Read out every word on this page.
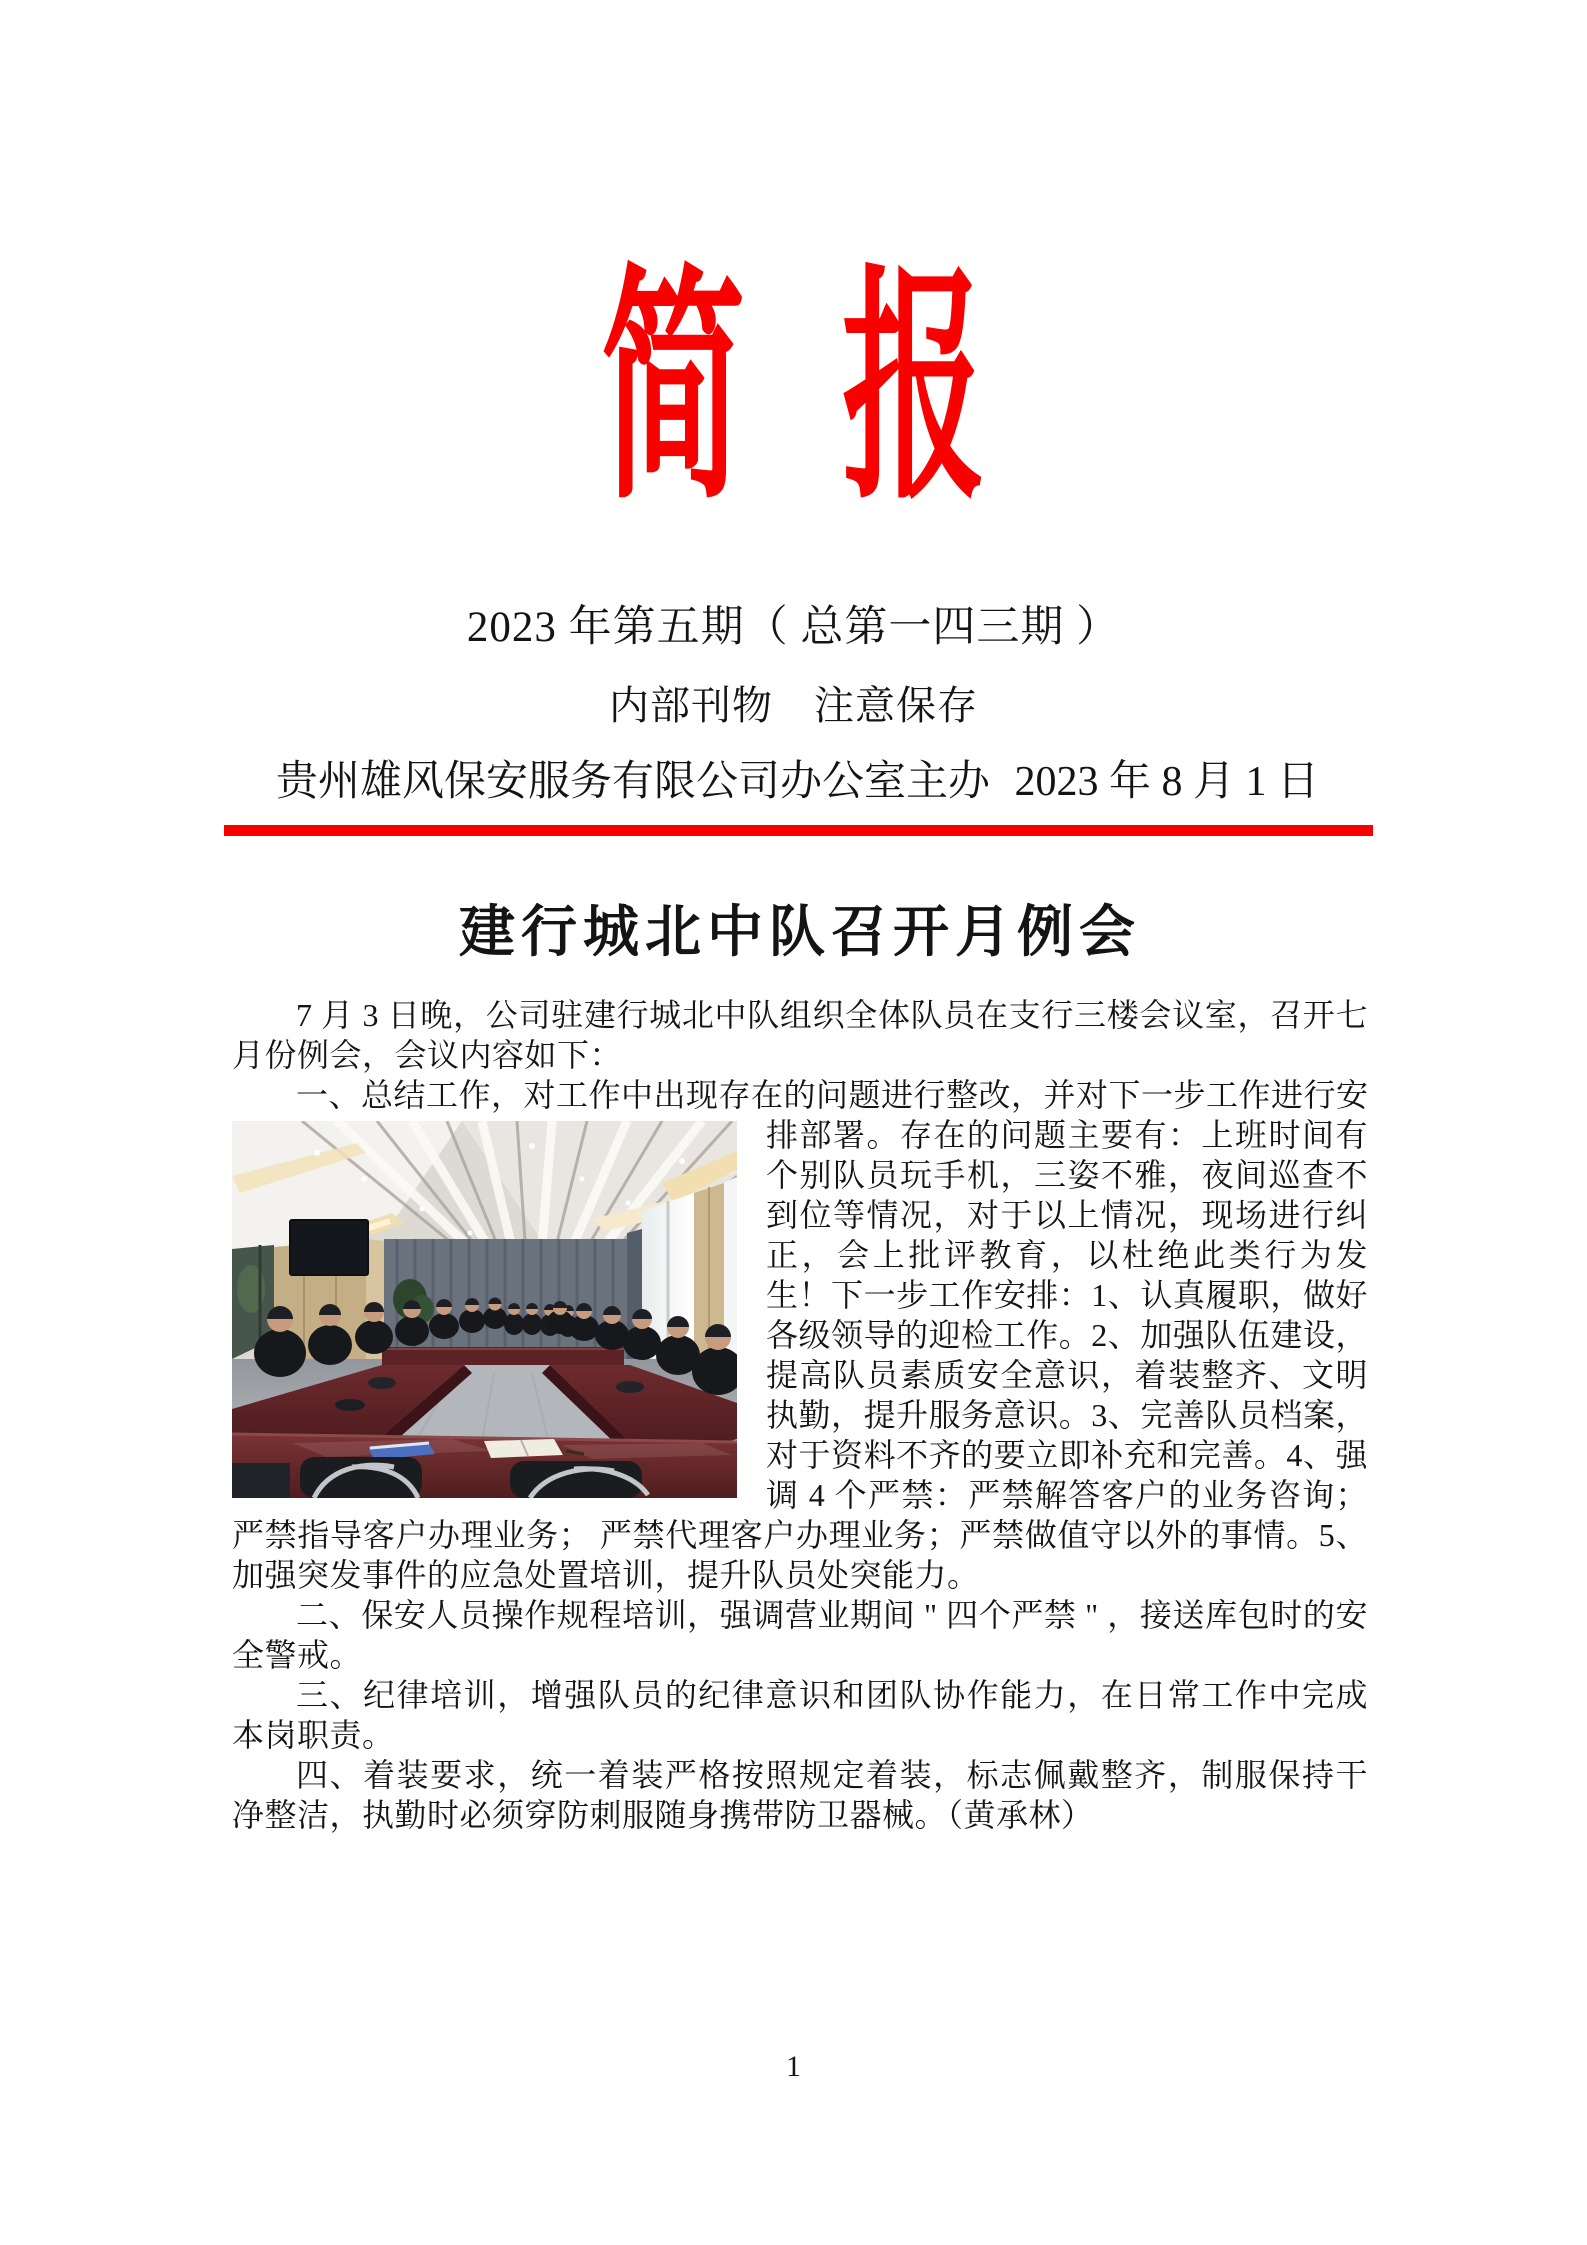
简 报
2023 年第五期（ 总第一四三期 ）
内部刊物　注意保存
贵州雄风保安服务有限公司办公室主办 2023 年 8 月 1 日
建行城北中队召开月例会

7 月 3 日晚，公司驻建行城北中队组织全体队员在支行三楼会议室，召开七月份例会，会议内容如下：

一、总结工作，对工作中出现存在的问题进行整改，并对下一步工作进行安

排部署。存在的问题主要有：上班时间有个别队员玩手机，三姿不雅，夜间巡查不到位等情况，对于以上情况，现场进行纠正，会上批评教育，以杜绝此类行为发生！下一步工作安排：1、认真履职，做好各级领导的迎检工作。2、加强队伍建设，提高队员素质安全意识，着装整齐、文明执勤，提升服务意识。3、完善队员档案，对于资料不齐的要立即补充和完善。4、强调 4 个严禁：严禁解答客户的业务咨询；严禁指导客户办理业务； 严禁代理客户办理业务；严禁做值守以外的事情。5、加强突发事件的应急处置培训，提升队员处突能力。

二、保安人员操作规程培训，强调营业期间 " 四个严禁 " ，接送库包时的安全警戒。

三、纪律培训，增强队员的纪律意识和团队协作能力，在日常工作中完成本岗职责。

四、着装要求，统一着装严格按照规定着装，标志佩戴整齐，制服保持干净整洁，执勤时必须穿防刺服随身携带防卫器械。（黄承林）

1
